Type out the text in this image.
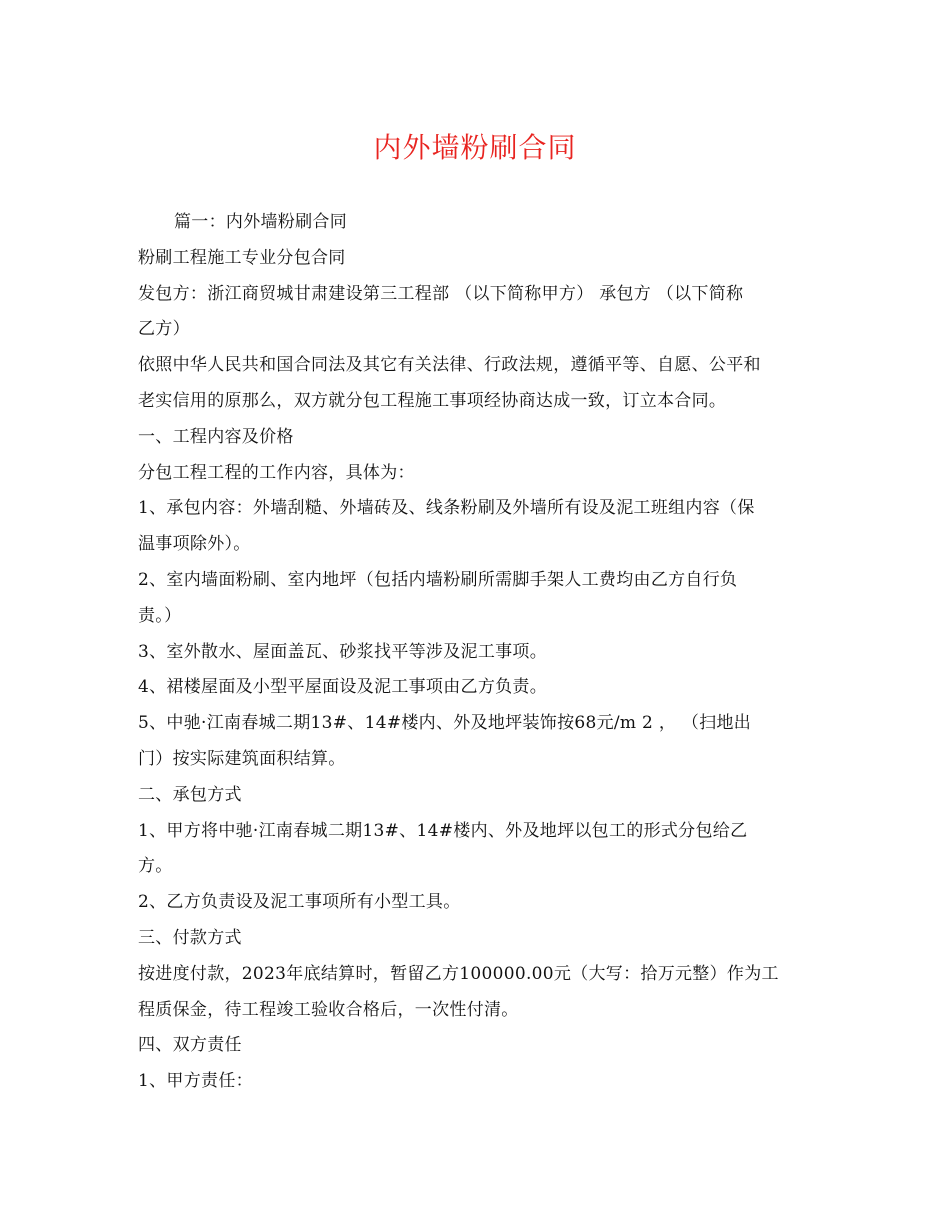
内外墙粉刷合同

篇一：内外墙粉刷合同

粉刷工程施工专业分包合同

发包方：浙江商贸城甘肃建设第三工程部 （以下简称甲方） 承包方 （以下简称

乙方）

依照中华人民共和国合同法及其它有关法律、行政法规，遵循平等、自愿、公平和

老实信用的原那么，双方就分包工程施工事项经协商达成一致，订立本合同。

一、工程内容及价格

分包工程工程的工作内容，具体为：

1、承包内容：外墙刮糙、外墙砖及、线条粉刷及外墙所有设及泥工班组内容（保

温事项除外）。

2、室内墙面粉刷、室内地坪（包括内墙粉刷所需脚手架人工费均由乙方自行负

责。）

3、室外散水、屋面盖瓦、砂浆找平等涉及泥工事项。

4、裙楼屋面及小型平屋面设及泥工事项由乙方负责。

5、中驰·江南春城二期13#、14#楼内、外及地坪装饰按68元/m 2 ， （扫地出

门）按实际建筑面积结算。

二、承包方式

1、甲方将中驰·江南春城二期13#、14#楼内、外及地坪以包工的形式分包给乙

方。

2、乙方负责设及泥工事项所有小型工具。

三、付款方式

按进度付款，2023年底结算时，暂留乙方100000.00元（大写：拾万元整）作为工

程质保金，待工程竣工验收合格后，一次性付清。

四、双方责任

1、甲方责任：
